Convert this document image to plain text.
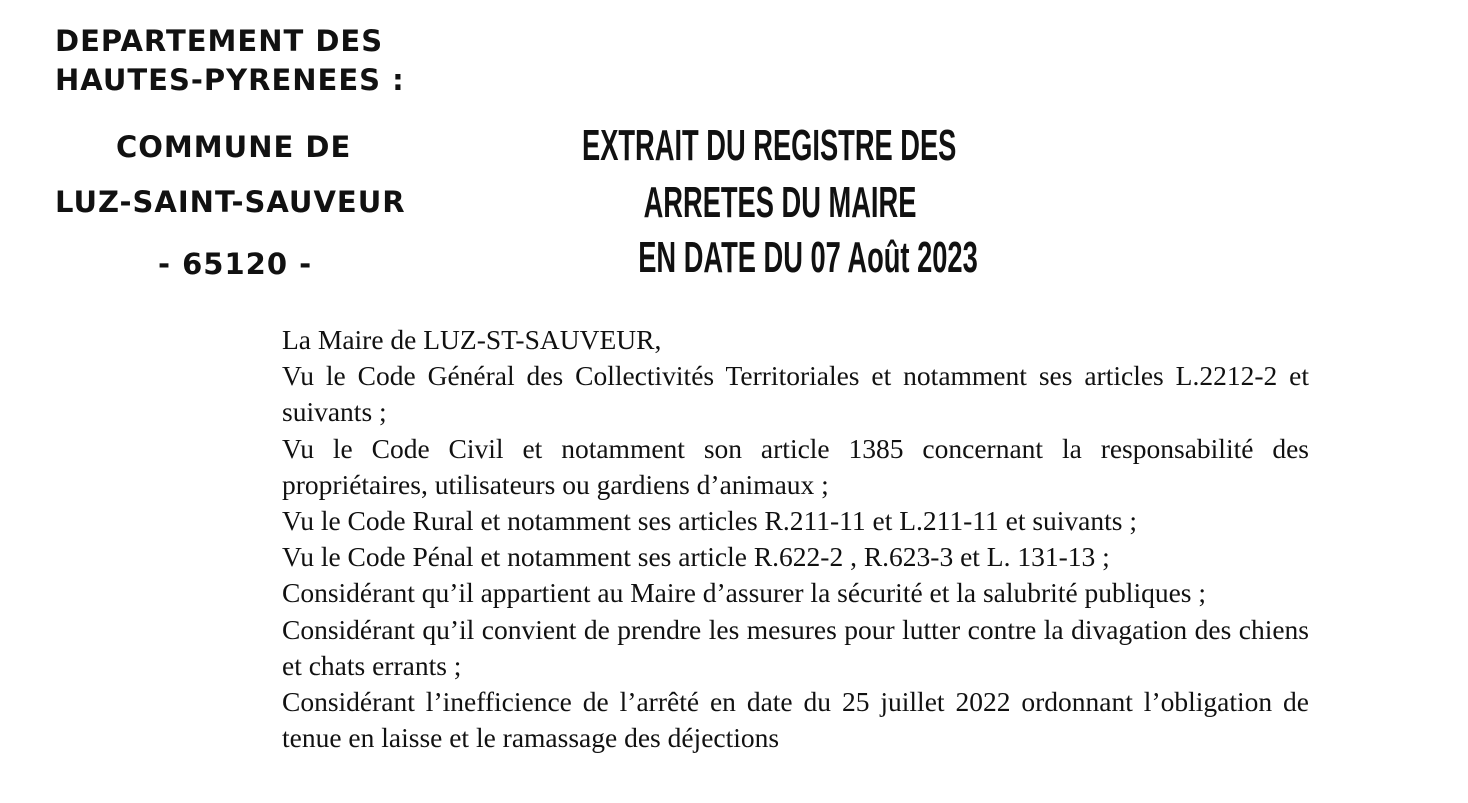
DEPARTEMENT DES
HAUTES-PYRENEES :
COMMUNE DE
LUZ-SAINT-SAUVEUR
- 65120 -
EXTRAIT DU REGISTRE DES
ARRETES DU MAIRE
EN DATE DU 07 Août 2023

La Maire de LUZ-ST-SAUVEUR,

Vu le Code Général des Collectivités Territoriales et notamment ses articles L.2212-2 et suivants ;

Vu le Code Civil et notamment son article 1385 concernant la responsabilité des propriétaires, utilisateurs ou gardiens d’animaux ;

Vu le Code Rural et notamment ses articles R.211-11 et L.211-11 et suivants ;

Vu le Code Pénal et notamment ses article R.622-2 , R.623-3 et L. 131-13 ;

Considérant qu’il appartient au Maire d’assurer la sécurité et la salubrité publiques ;

Considérant qu’il convient de prendre les mesures pour lutter contre la divagation des chiens et chats errants ;

Considérant l’inefficience de l’arrêté en date du 25 juillet 2022 ordonnant l’obligation de tenue en laisse et le ramassage des déjections
